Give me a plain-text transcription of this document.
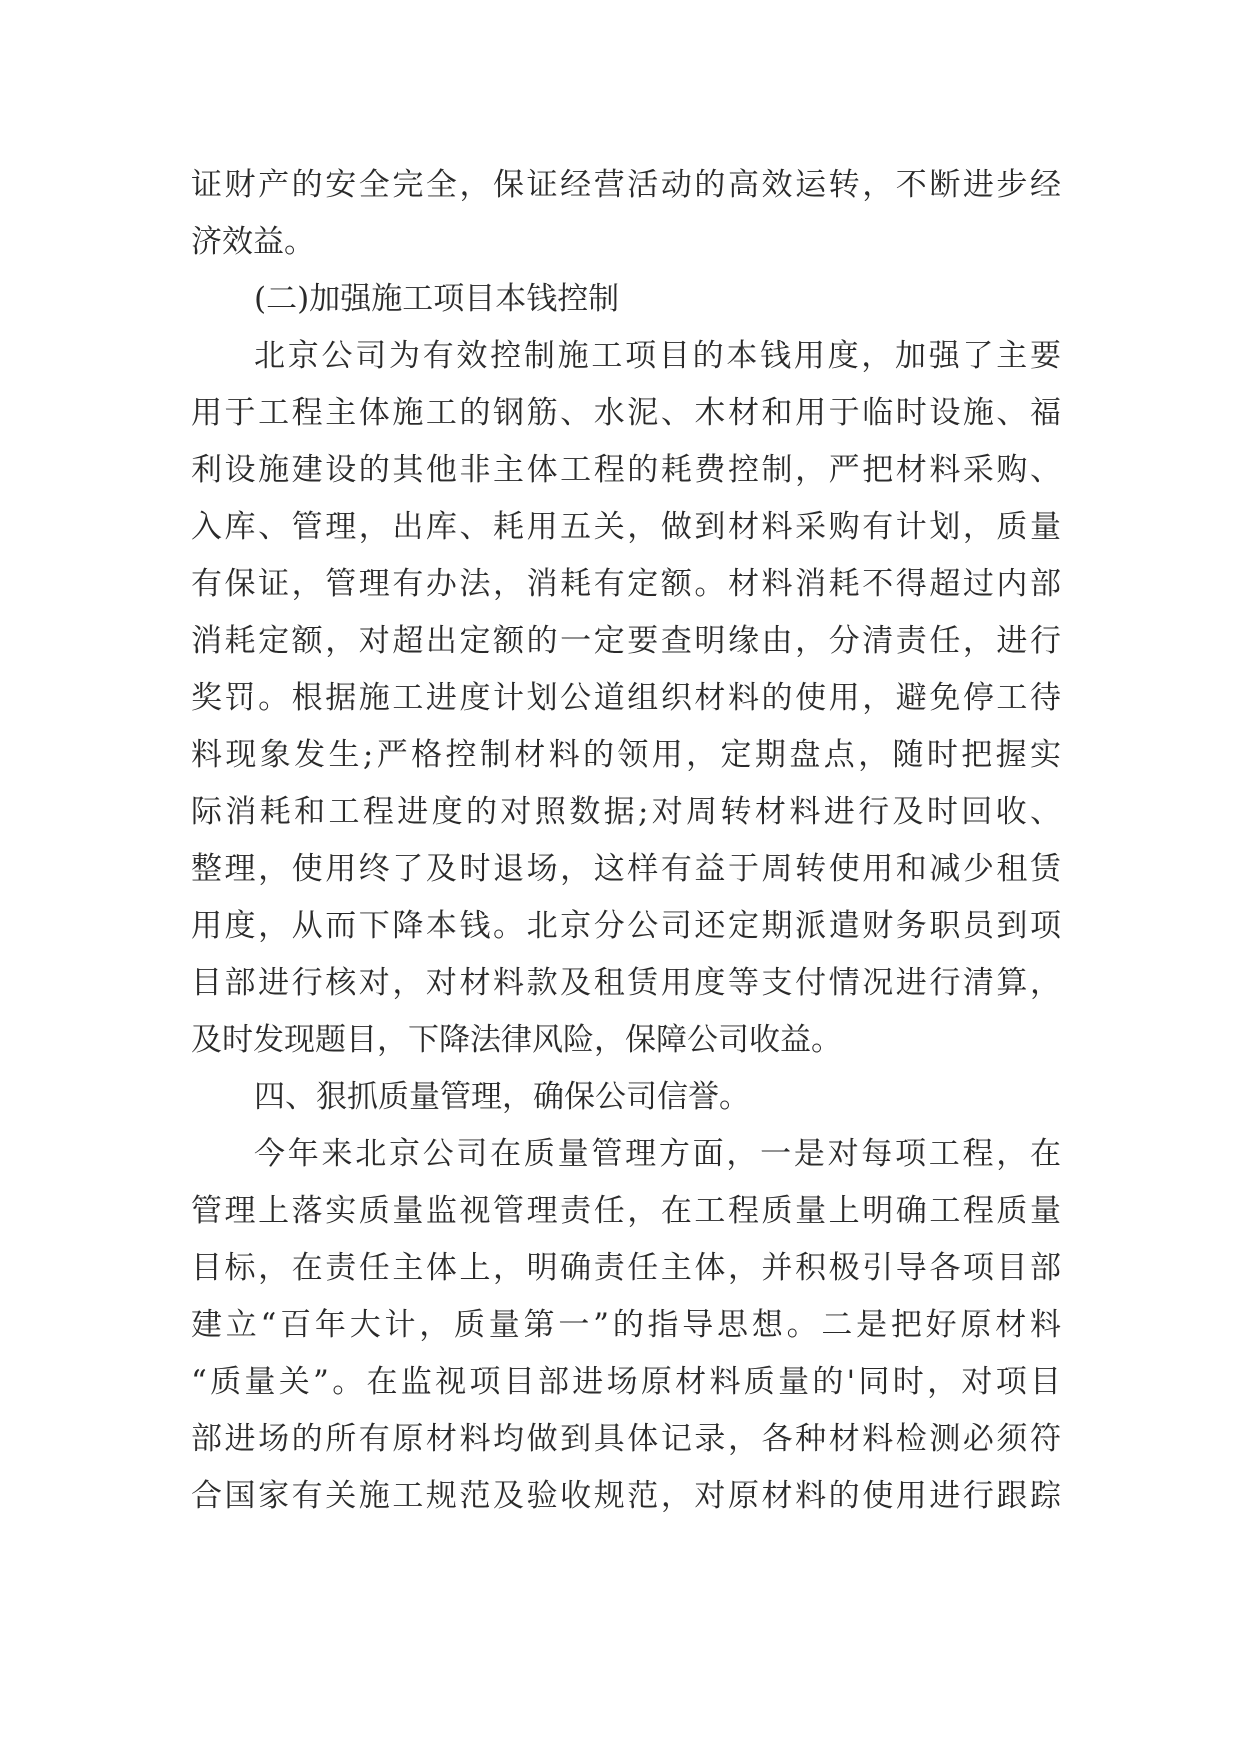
证财产的安全完全，保证经营活动的高效运转，不断进步经
济效益。
(二)加强施工项目本钱控制
北京公司为有效控制施工项目的本钱用度，加强了主要
用于工程主体施工的钢筋、水泥、木材和用于临时设施、福
利设施建设的其他非主体工程的耗费控制，严把材料采购、
入库、管理，出库、耗用五关，做到材料采购有计划，质量
有保证，管理有办法，消耗有定额。材料消耗不得超过内部
消耗定额，对超出定额的一定要查明缘由，分清责任，进行
奖罚。根据施工进度计划公道组织材料的使用，避免停工待
料现象发生;严格控制材料的领用，定期盘点，随时把握实
际消耗和工程进度的对照数据;对周转材料进行及时回收、
整理，使用终了及时退场，这样有益于周转使用和减少租赁
用度，从而下降本钱。北京分公司还定期派遣财务职员到项
目部进行核对，对材料款及租赁用度等支付情况进行清算，
及时发现题目，下降法律风险，保障公司收益。
四、狠抓质量管理，确保公司信誉。
今年来北京公司在质量管理方面，一是对每项工程，在
管理上落实质量监视管理责任，在工程质量上明确工程质量
目标，在责任主体上，明确责任主体，并积极引导各项目部
建立“百年大计，质量第一”的指导思想。二是把好原材料
“质量关”。在监视项目部进场原材料质量的'同时，对项目
部进场的所有原材料均做到具体记录，各种材料检测必须符
合国家有关施工规范及验收规范，对原材料的使用进行跟踪
